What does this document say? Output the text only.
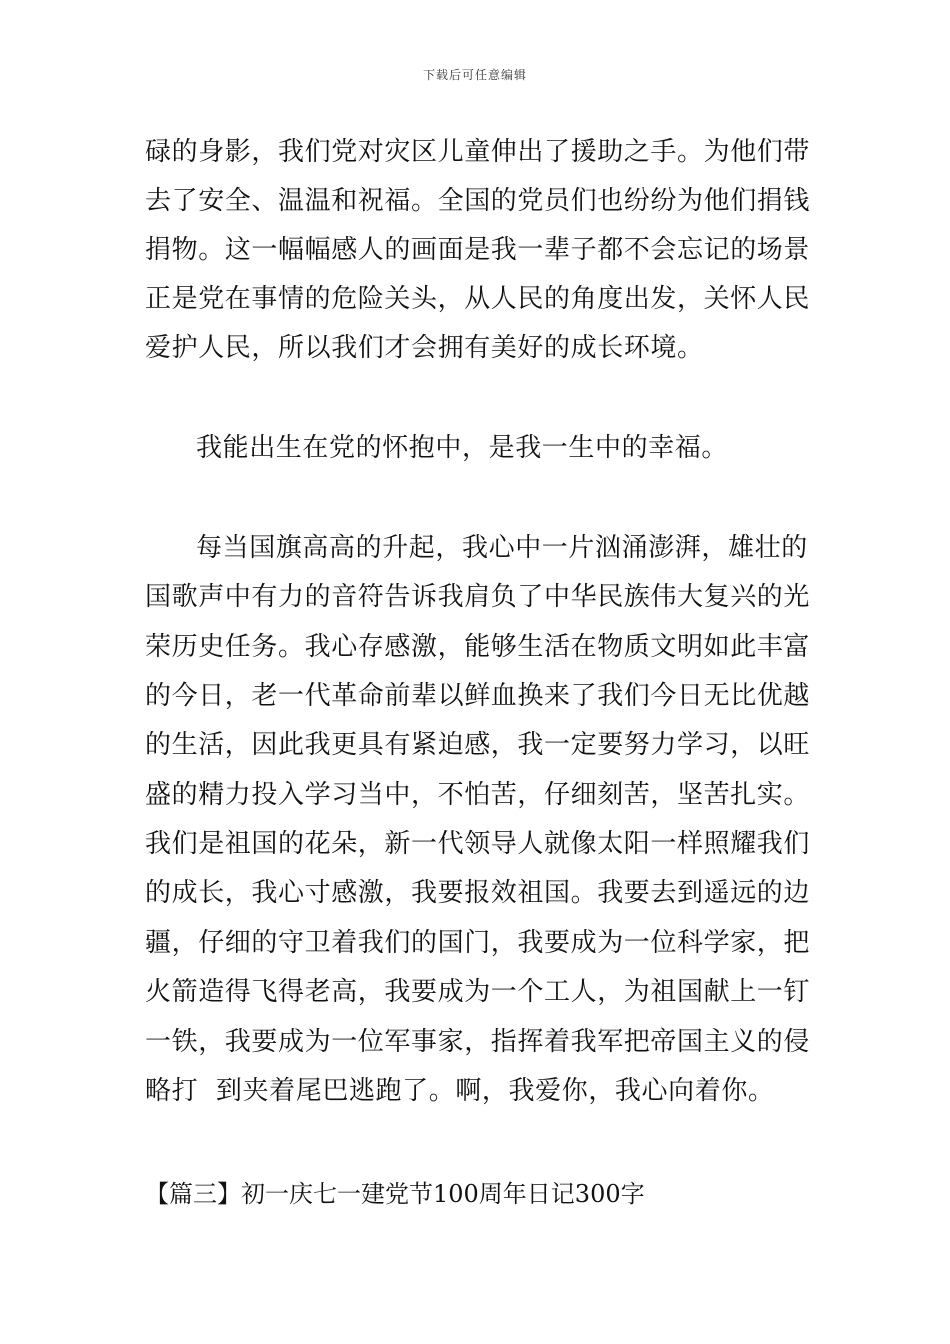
下载后可任意编辑
碌的身影，我们党对灾区儿童伸出了援助之手。为他们带
去了安全、温温和祝福。全国的党员们也纷纷为他们捐钱
捐物。这一幅幅感人的画面是我一辈子都不会忘记的场景
正是党在事情的危险关头，从人民的角度出发，关怀人民
爱护人民，所以我们才会拥有美好的成长环境。
我能出生在党的怀抱中，是我一生中的幸福。
每当国旗高高的升起，我心中一片汹涌澎湃，雄壮的
国歌声中有力的音符告诉我肩负了中华民族伟大复兴的光
荣历史任务。我心存感激，能够生活在物质文明如此丰富
的今日，老一代革命前辈以鲜血换来了我们今日无比优越
的生活，因此我更具有紧迫感，我一定要努力学习，以旺
盛的精力投入学习当中，不怕苦，仔细刻苦，坚苦扎实。
我们是祖国的花朵，新一代领导人就像太阳一样照耀我们
的成长，我心寸感激，我要报效祖国。我要去到遥远的边
疆，仔细的守卫着我们的国门，我要成为一位科学家，把
火箭造得飞得老高，我要成为一个工人，为祖国献上一钉
一铁，我要成为一位军事家，指挥着我军把帝国主义的侵
略打  到夹着尾巴逃跑了。啊，我爱你，我心向着你。
【篇三】初一庆七一建党节100周年日记300字
